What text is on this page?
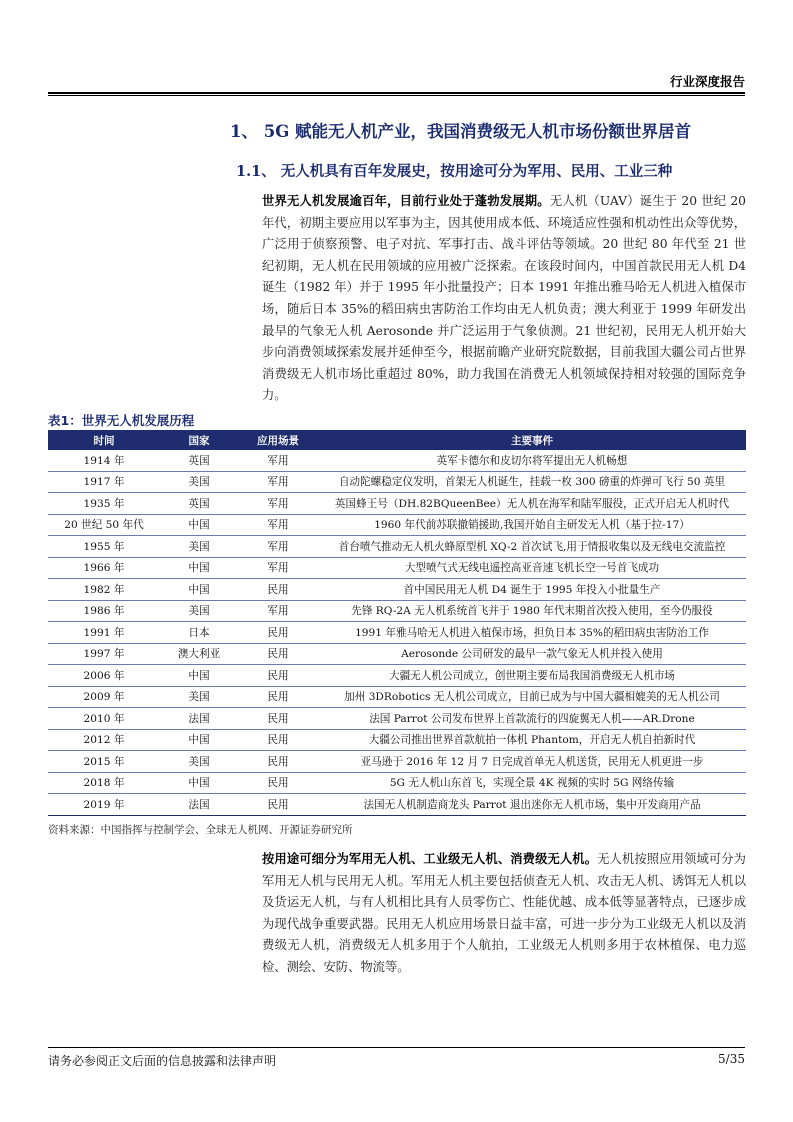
行业深度报告
1、 5G 赋能无人机产业，我国消费级无人机市场份额世界居首
1.1、 无人机具有百年发展史，按用途可分为军用、民用、工业三种
世界无人机发展逾百年，目前行业处于蓬勃发展期。无人机（UAV）诞生于 20 世纪 20 年代，初期主要应用以军事为主，因其使用成本低、环境适应性强和机动性出众等优势，广泛用于侦察预警、电子对抗、军事打击、战斗评估等领域。20 世纪 80 年代至 21 世纪初期，无人机在民用领域的应用被广泛探索。在该段时间内，中国首款民用无人机 D4 诞生（1982 年）并于 1995 年小批量投产；日本 1991 年推出雅马哈无人机进入植保市场，随后日本 35%的稻田病虫害防治工作均由无人机负责；澳大利亚于 1999 年研发出最早的气象无人机 Aerosonde 并广泛运用于气象侦测。21 世纪初，民用无人机开始大步向消费领域探索发展并延伸至今，根据前瞻产业研究院数据，目前我国大疆公司占世界消费级无人机市场比重超过 80%，助力我国在消费无人机领域保持相对较强的国际竞争力。
表1：世界无人机发展历程
时间	国家	应用场景	主要事件
1914 年	英国	军用	英军卡德尔和皮切尔将军提出无人机畅想
1917 年	美国	军用	自动陀螺稳定仪发明，首架无人机诞生，挂载一枚 300 磅重的炸弹可飞行 50 英里
1935 年	英国	军用	英国蜂王号（DH.82BQueenBee）无人机在海军和陆军服役，正式开启无人机时代
20 世纪 50 年代	中国	军用	1960 年代前苏联撤销援助,我国开始自主研发无人机（基于拉-17）
1955 年	美国	军用	首台喷气推动无人机火蜂原型机 XQ-2 首次试飞,用于情报收集以及无线电交流监控
1966 年	中国	军用	大型喷气式无线电遥控高亚音速飞机长空一号首飞成功
1982 年	中国	民用	首中国民用无人机 D4 诞生于 1995 年投入小批量生产
1986 年	美国	军用	先锋 RQ-2A 无人机系统首飞并于 1980 年代末期首次投入使用，至今仍服役
1991 年	日本	民用	1991 年雅马哈无人机进入植保市场，担负日本 35%的稻田病虫害防治工作
1997 年	澳大利亚	民用	Aerosonde 公司研发的最早一款气象无人机并投入使用
2006 年	中国	民用	大疆无人机公司成立，创世期主要布局我国消费级无人机市场
2009 年	美国	民用	加州 3DRobotics 无人机公司成立，目前已成为与中国大疆相媲美的无人机公司
2010 年	法国	民用	法国 Parrot 公司发布世界上首款流行的四旋翼无人机——AR.Drone
2012 年	中国	民用	大疆公司推出世界首款航拍一体机 Phantom，开启无人机自拍新时代
2015 年	美国	民用	亚马逊于 2016 年 12 月 7 日完成首单无人机送货，民用无人机更进一步
2018 年	中国	民用	5G 无人机山东首飞，实现全景 4K 视频的实时 5G 网络传输
2019 年	法国	民用	法国无人机制造商龙头 Parrot 退出迷你无人机市场，集中开发商用产品
资料来源：中国指挥与控制学会、全球无人机网、开源证券研究所
按用途可细分为军用无人机、工业级无人机、消费级无人机。无人机按照应用领域可分为军用无人机与民用无人机。军用无人机主要包括侦查无人机、攻击无人机、诱饵无人机以及货运无人机，与有人机相比具有人员零伤亡、性能优越、成本低等显著特点，已逐步成为现代战争重要武器。民用无人机应用场景日益丰富，可进一步分为工业级无人机以及消费级无人机，消费级无人机多用于个人航拍，工业级无人机则多用于农林植保、电力巡检、测绘、安防、物流等。
请务必参阅正文后面的信息披露和法律声明	5/35
